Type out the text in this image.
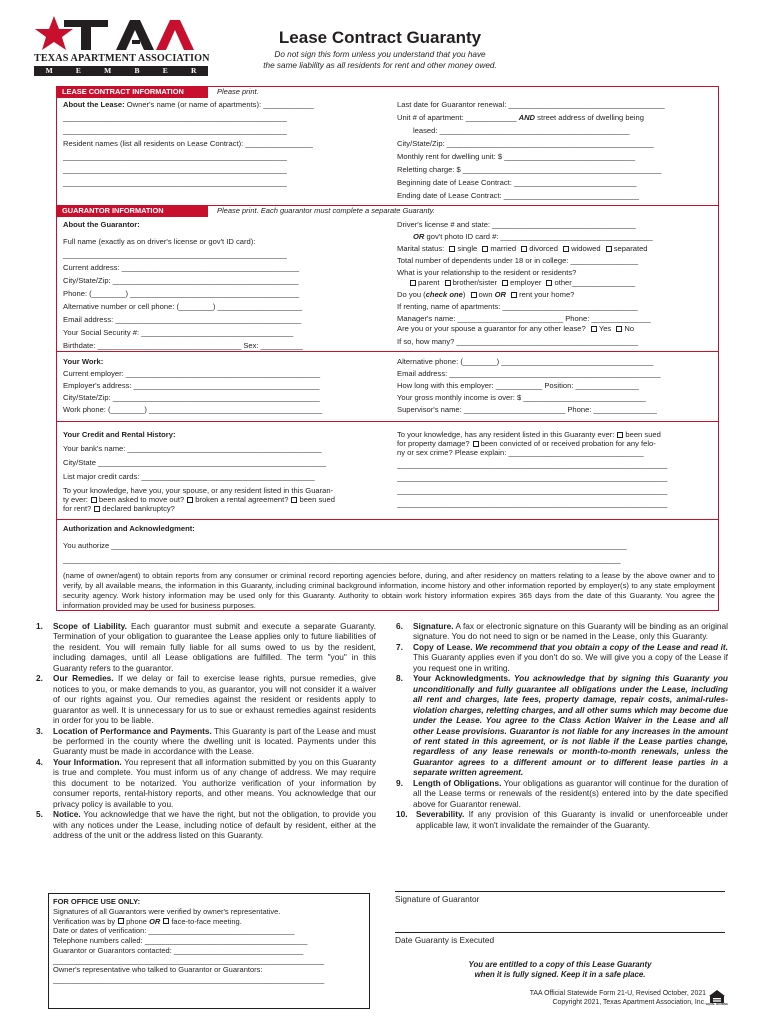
TEXAS APARTMENT ASSOCIATION
M	E	M	B	E	R
Lease Contract Guaranty
Do not sign this form unless you understand that you have
the same liability as all residents for rent and other money owed.
LEASE CONTRACT INFORMATION	Please print.
About the Lease: Owner's name (or name of apartments): ____________
_____________________________________________________
_____________________________________________________
Resident names (list all residents on Lease Contract): ________________
_____________________________________________________
_____________________________________________________
_____________________________________________________
Last date for Guarantor renewal: _____________________________________
Unit # of apartment: ____________ AND street address of dwelling being
leased: _____________________________________________
City/State/Zip: _________________________________________________
Monthly rent for dwelling unit: $ _______________________________
Reletting charge: $ _______________________________________________
Beginning date of Lease Contract: _____________________________
Ending date of Lease Contract: ________________________________
GUARANTOR INFORMATION	Please print. Each guarantor must complete a separate Guaranty.
About the Guarantor:
Full name (exactly as on driver's license or gov't ID card):
_____________________________________________________
Current address: __________________________________________
City/State/Zip: ____________________________________________
Phone: (________) ________________________________________
Alternative number or cell phone: (________) ____________________
Email address: ____________________________________________
Your Social Security #: ____________________________________
Birthdate: __________________________________ Sex: __________
Driver's license # and state: __________________________________
OR gov't photo ID card #: ____________________________________
Marital status: single married divorced widowed separated
Total number of dependents under 18 or in college: ________________
What is your relationship to the resident or residents?
parent brother/sister employer other_______________
Do you (check one) own OR rent your home?
If renting, name of apartments: ________________________________
Manager's name: _________________________ Phone: ______________
Are you or your spouse a guarantor for any other lease? Yes No
If so, how many? ___________________________________________
Your Work:
Current employer: ______________________________________________
Employer's address: ____________________________________________
City/State/Zip: _________________________________________________
Work phone: (________) _________________________________________
Alternative phone: (________) ____________________________________
Email address: __________________________________________________
How long with this employer: ___________ Position: _______________
Your gross monthly income is over: $ _____________________________
Supervisor's name: ________________________ Phone: _______________
Your Credit and Rental History:
Your bank's name: ______________________________________________
City/State ______________________________________________________
List major credit cards: _________________________________________
To your knowledge, have you, your spouse, or any resident listed in this Guaran-
ty ever: been asked to move out? broken a rental agreement? been sued
for rent? declared bankruptcy?
To your knowledge, has any resident listed in this Guaranty ever: been sued
for property damage? been convicted of or received probation for any felo-
ny or sex crime? Please explain: ________________________________
________________________________________________________________
________________________________________________________________
________________________________________________________________
________________________________________________________________
Authorization and Acknowledgment:
You authorize __________________________________________________________________________________________________________________________
____________________________________________________________________________________________________________________________________
(name of owner/agent) to obtain reports from any consumer or criminal record reporting agencies before, during, and after residency on matters relating to a lease by the above owner and to verify, by all available means, the information in this Guaranty, including criminal background information, income history and other information reported by employer(s) to any state employment security agency. Work history information may be used only for this Guaranty. Authority to obtain work history information expires 365 days from the date of this Guaranty. You agree the information provided may be used for business purposes.
1. Scope of Liability. Each guarantor must submit and execute a separate Guaranty. Termination of your obligation to guarantee the Lease applies only to future liabilities of the resident. You will remain fully liable for all sums owed to us by the resident, including damages, until all Lease obligations are fulfilled. The term "you" in this Guaranty refers to the guarantor.
2. Our Remedies. If we delay or fail to exercise lease rights, pursue remedies, give notices to you, or make demands to you, as guarantor, you will not consider it a waiver of our rights against you. Our remedies against the resident or residents apply to guarantor as well. It is unnecessary for us to sue or exhaust remedies against residents in order for you to be liable.
3. Location of Performance and Payments. This Guaranty is part of the Lease and must be performed in the county where the dwelling unit is located. Payments under this Guaranty must be made in accordance with the Lease.
4. Your Information. You represent that all information submitted by you on this Guaranty is true and complete. You must inform us of any change of address. We may require this document to be notarized. You authorize verification of your information by consumer reports, rental-history reports, and other means. You acknowledge that our privacy policy is available to you.
5. Notice. You acknowledge that we have the right, but not the obligation, to provide you with any notices under the Lease, including notice of default by resident, either at the address of the unit or the address listed on this Guaranty.
6. Signature. A fax or electronic signature on this Guaranty will be binding as an original signature. You do not need to sign or be named in the Lease, only this Guaranty.
7. Copy of Lease. We recommend that you obtain a copy of the Lease and read it. This Guaranty applies even if you don't do so. We will give you a copy of the Lease if you request one in writing.
8. Your Acknowledgments. You acknowledge that by signing this Guaranty you unconditionally and fully guarantee all obligations under the Lease, including all rent and charges, late fees, property damage, repair costs, animal-rules-violation charges, reletting charges, and all other sums which may become due under the Lease. You agree to the Class Action Waiver in the Lease and all other Lease provisions. Guarantor is not liable for any increases in the amount of rent stated in this agreement, or is not liable if the Lease parties change, regardless of any lease renewals or month-to-month renewals, unless the Guarantor agrees to a different amount or to different lease parties in a separate written agreement.
9. Length of Obligations. Your obligations as guarantor will continue for the duration of all the Lease terms or renewals of the resident(s) entered into by the date specified above for Guarantor renewal.
10. Severability. If any provision of this Guaranty is invalid or unenforceable under applicable law, it won't invalidate the remainder of the Guaranty.
FOR OFFICE USE ONLY:
Signatures of all Guarantors were verified by owner's representative.
Verification was by phone OR face-to-face meeting.
Date or dates of verification: ___________________________________
Telephone numbers called: _______________________________________
Guarantor or Guarantors contacted: _______________________________
_________________________________________________________________
Owner's representative who talked to Guarantor or Guarantors:
_________________________________________________________________
Signature of Guarantor
Date Guaranty is Executed
You are entitled to a copy of this Lease Guaranty
when it is fully signed. Keep it in a safe place.
TAA Official Statewide Form 21-U, Revised October, 2021
Copyright 2021, Texas Apartment Association, Inc. EQUAL HOUSING
